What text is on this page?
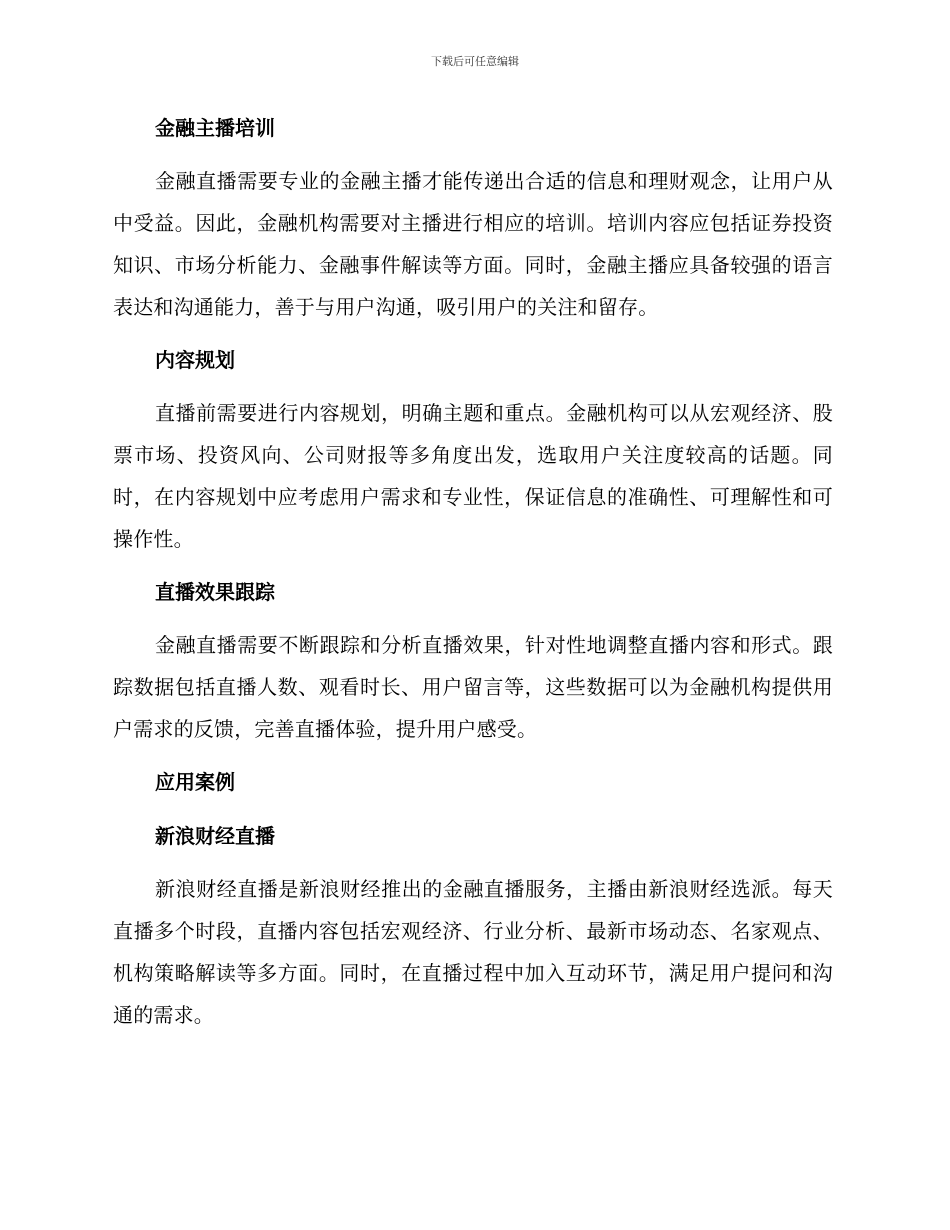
下载后可任意编辑
金融主播培训

金融直播需要专业的金融主播才能传递出合适的信息和理财观念，让用户从中受益。因此，金融机构需要对主播进行相应的培训。培训内容应包括证券投资知识、市场分析能力、金融事件解读等方面。同时，金融主播应具备较强的语言表达和沟通能力，善于与用户沟通，吸引用户的关注和留存。

内容规划

直播前需要进行内容规划，明确主题和重点。金融机构可以从宏观经济、股票市场、投资风向、公司财报等多角度出发，选取用户关注度较高的话题。同时，在内容规划中应考虑用户需求和专业性，保证信息的准确性、可理解性和可操作性。

直播效果跟踪

金融直播需要不断跟踪和分析直播效果，针对性地调整直播内容和形式。跟踪数据包括直播人数、观看时长、用户留言等，这些数据可以为金融机构提供用户需求的反馈，完善直播体验，提升用户感受。

应用案例
新浪财经直播

新浪财经直播是新浪财经推出的金融直播服务，主播由新浪财经选派。每天直播多个时段，直播内容包括宏观经济、行业分析、最新市场动态、名家观点、机构策略解读等多方面。同时，在直播过程中加入互动环节，满足用户提问和沟通的需求。
